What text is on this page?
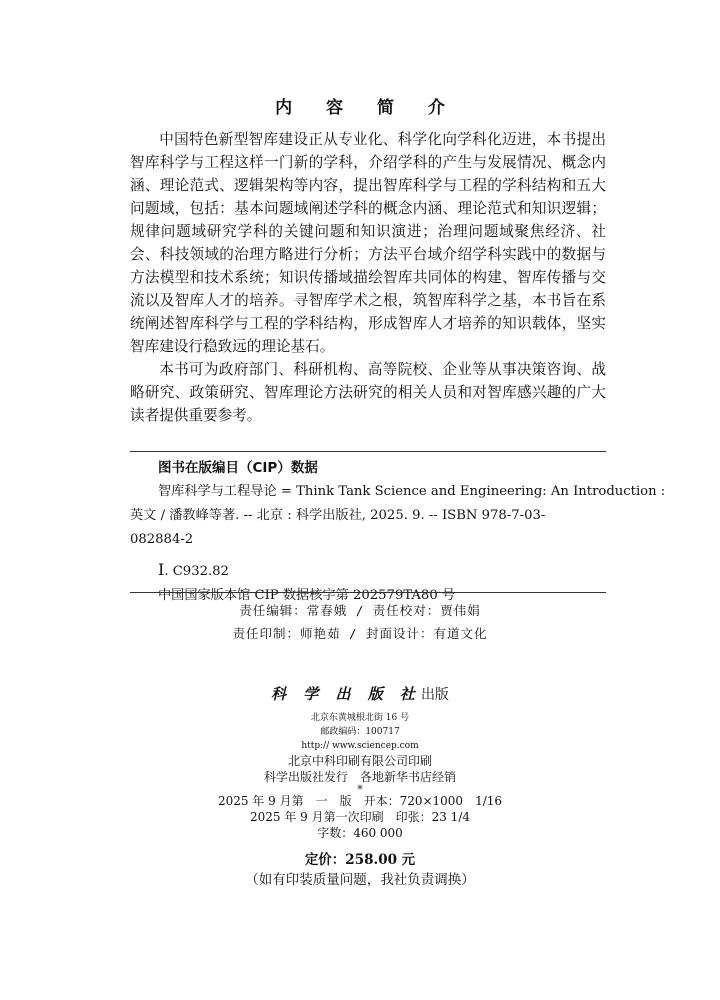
内 容 简 介

中国特色新型智库建设正从专业化、科学化向学科化迈进，本书提出智库科学与工程这样一门新的学科，介绍学科的产生与发展情况、概念内涵、理论范式、逻辑架构等内容，提出智库科学与工程的学科结构和五大问题域，包括：基本问题域阐述学科的概念内涵、理论范式和知识逻辑；规律问题域研究学科的关键问题和知识演进；治理问题域聚焦经济、社会、科技领域的治理方略进行分析；方法平台域介绍学科实践中的数据与方法模型和技术系统；知识传播域描绘智库共同体的构建、智库传播与交流以及智库人才的培养。寻智库学术之根，筑智库科学之基，本书旨在系统阐述智库科学与工程的学科结构，形成智库人才培养的知识载体，坚实智库建设行稳致远的理论基石。

本书可为政府部门、科研机构、高等院校、企业等从事决策咨询、战略研究、政策研究、智库理论方法研究的相关人员和对智库感兴趣的广大读者提供重要参考。

图书在版编目（CIP）数据
智库科学与工程导论 = Think Tank Science and Engineering: An Introduction :
英文 / 潘教峰等著. -- 北京 : 科学出版社, 2025. 9. -- ISBN 978-7-03-
082884-2
Ⅰ. C932.82
中国国家版本馆 CIP 数据核字第 202579TA80 号
责任编辑：常春娥 / 责任校对：贾伟娟
责任印制：师艳茹 / 封面设计：有道文化
科 学 出 版 社出版
北京东黄城根北街 16 号
邮政编码：100717
http:// www.sciencep.com
北京中科印刷有限公司印刷
科学出版社发行　各地新华书店经销
*
2025 年 9 月第　一　版　开本：720×1000　1/16
2025 年 9 月第一次印刷　印张：23 1/4
字数：460 000
定价：258.00 元
（如有印装质量问题，我社负责调换）
